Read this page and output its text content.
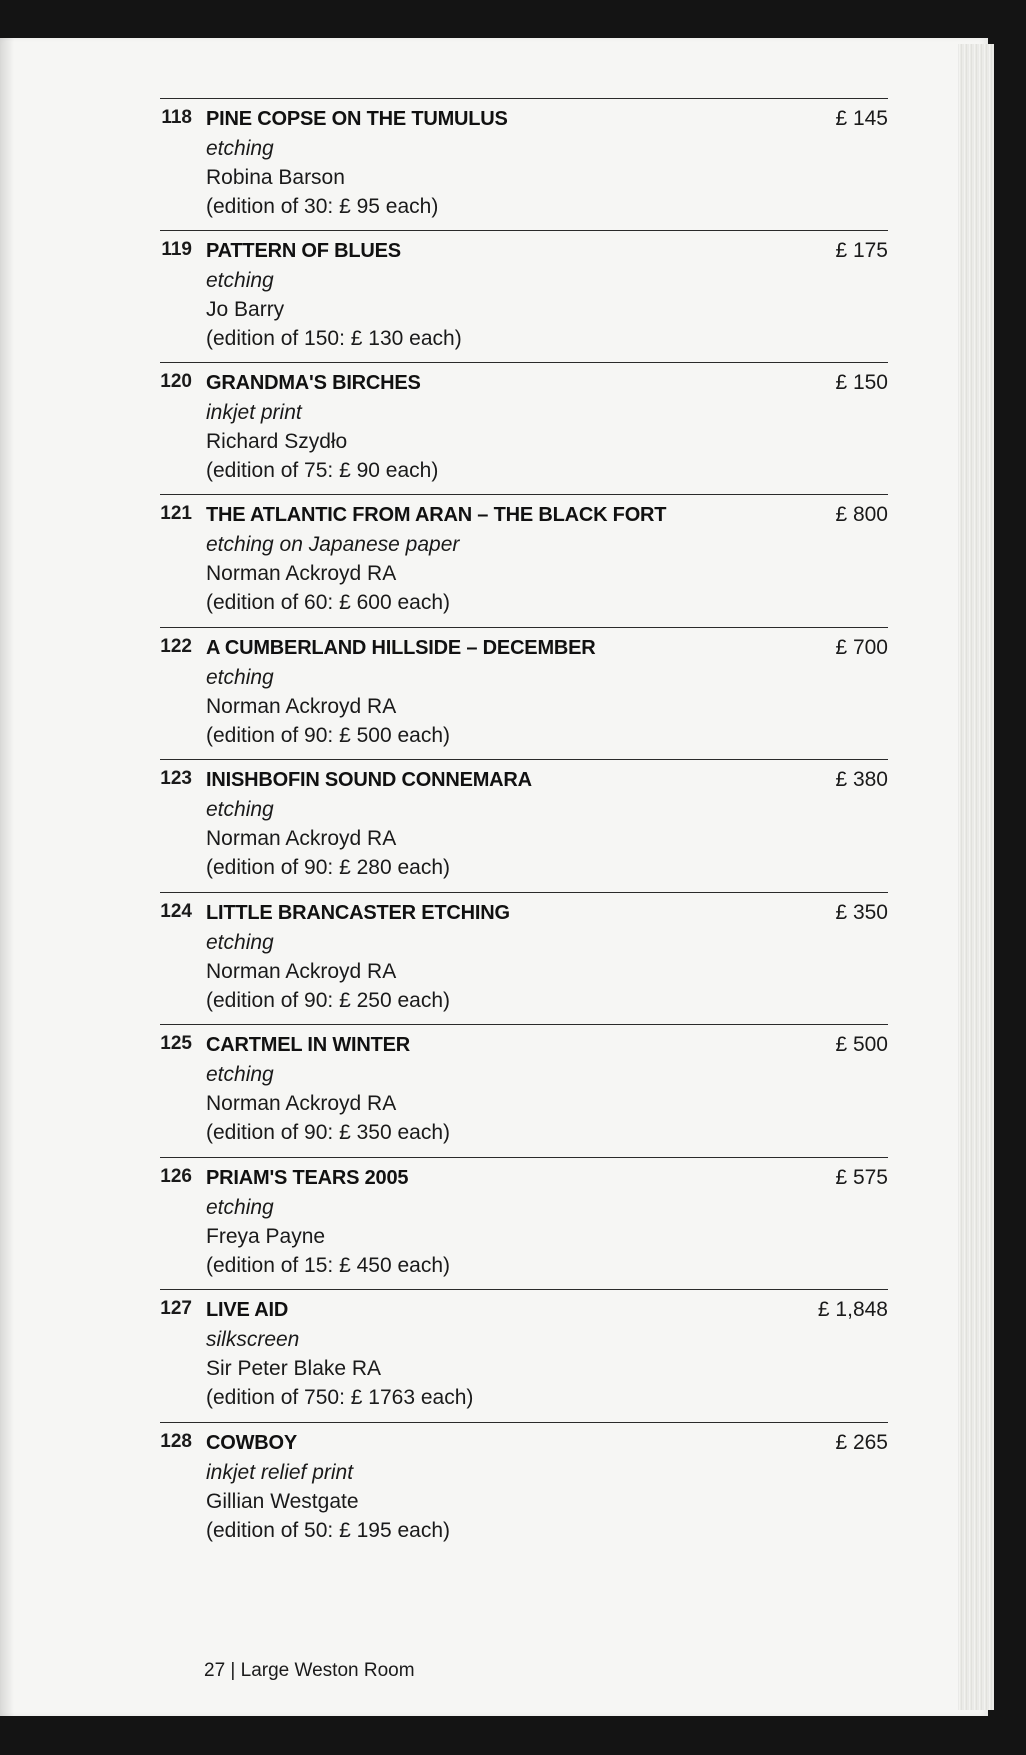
118 PINE COPSE ON THE TUMULUS
etching
Robina Barson
(edition of 30: £ 95 each)
£ 145
119 PATTERN OF BLUES
etching
Jo Barry
(edition of 150: £ 130 each)
£ 175
120 GRANDMA'S BIRCHES
inkjet print
Richard Szydło
(edition of 75: £ 90 each)
£ 150
121 THE ATLANTIC FROM ARAN – THE BLACK FORT
etching on Japanese paper
Norman Ackroyd RA
(edition of 60: £ 600 each)
£ 800
122 A CUMBERLAND HILLSIDE – DECEMBER
etching
Norman Ackroyd RA
(edition of 90: £ 500 each)
£ 700
123 INISHBOFIN SOUND CONNEMARA
etching
Norman Ackroyd RA
(edition of 90: £ 280 each)
£ 380
124 LITTLE BRANCASTER ETCHING
etching
Norman Ackroyd RA
(edition of 90: £ 250 each)
£ 350
125 CARTMEL IN WINTER
etching
Norman Ackroyd RA
(edition of 90: £ 350 each)
£ 500
126 PRIAM'S TEARS 2005
etching
Freya Payne
(edition of 15: £ 450 each)
£ 575
127 LIVE AID
silkscreen
Sir Peter Blake RA
(edition of 750: £ 1763 each)
£ 1,848
128 COWBOY
inkjet relief print
Gillian Westgate
(edition of 50: £ 195 each)
£ 265
27 | Large Weston Room
